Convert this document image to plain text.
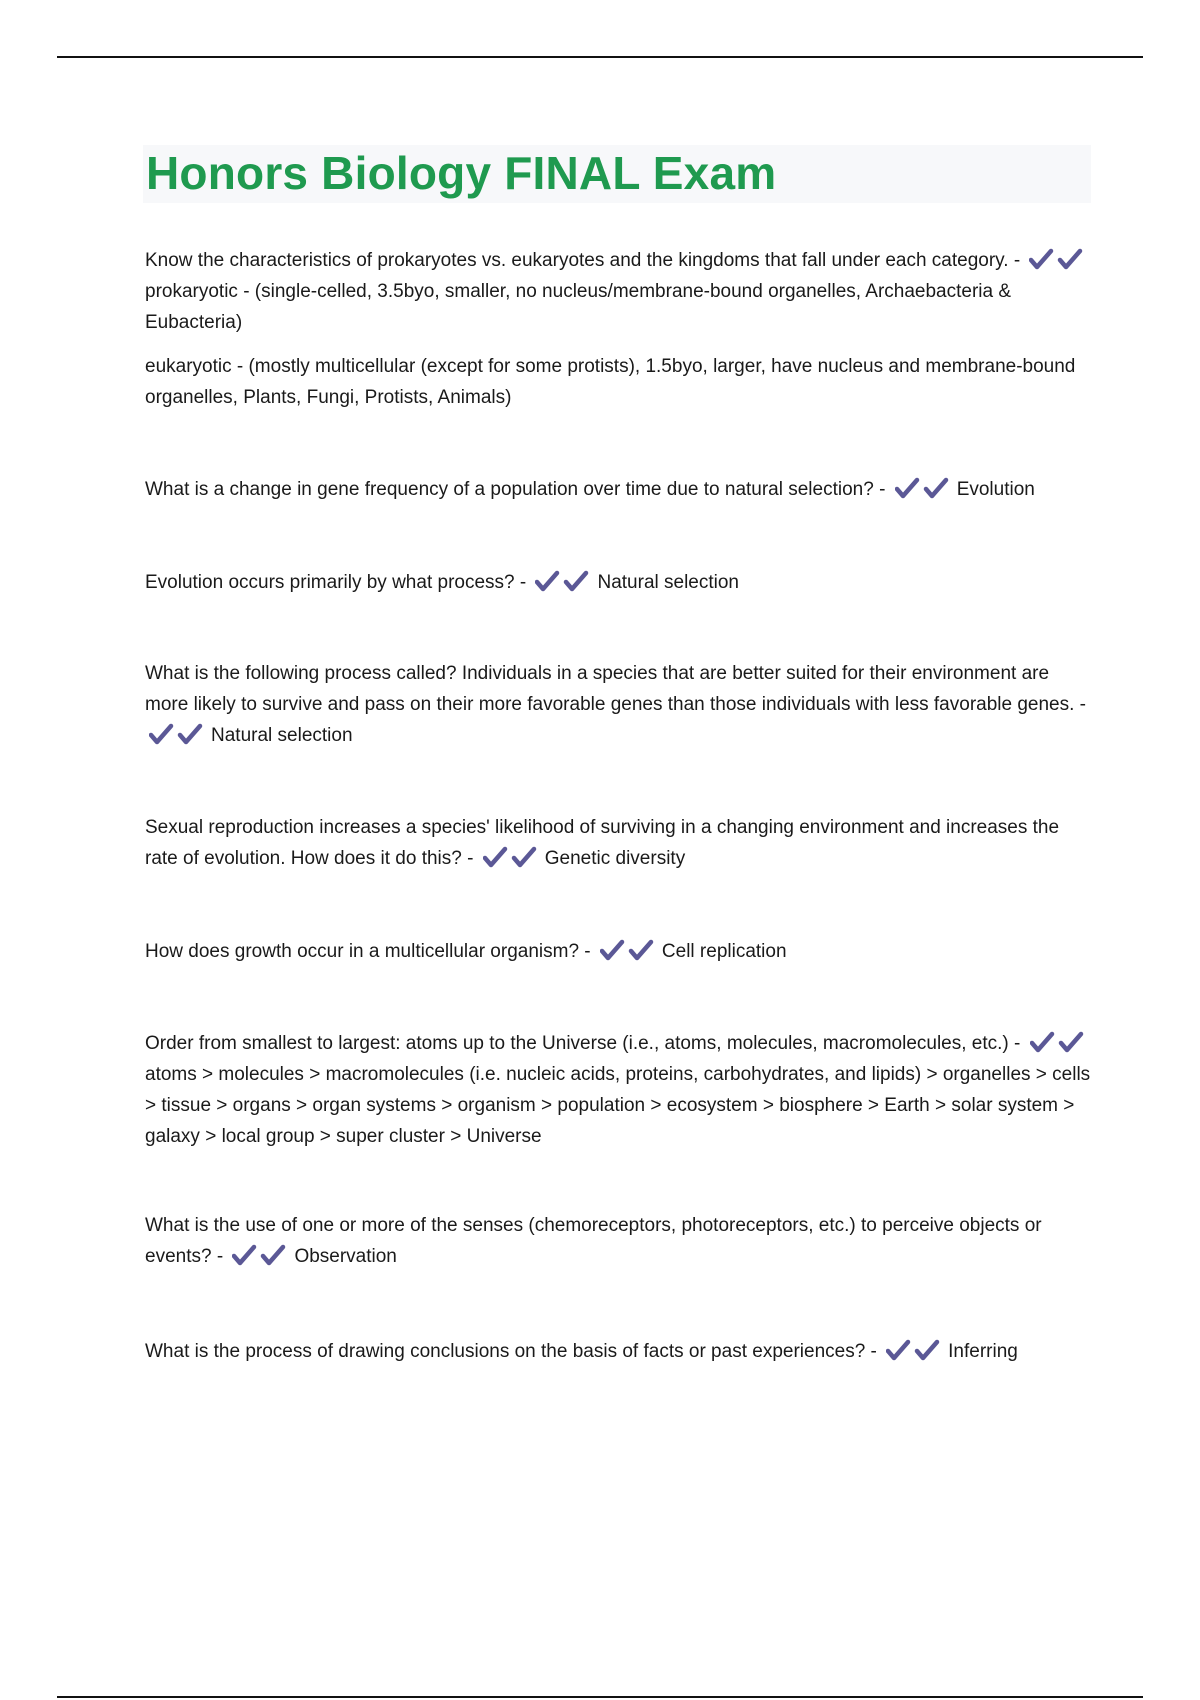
Honors Biology FINAL Exam

Know the characteristics of prokaryotes vs. eukaryotes and the kingdoms that fall under each category. -
prokaryotic - (single-celled, 3.5byo, smaller, no nucleus/membrane-bound organelles, Archaebacteria & Eubacteria)

eukaryotic - (mostly multicellular (except for some protists), 1.5byo, larger, have nucleus and membrane-bound organelles, Plants, Fungi, Protists, Animals)

What is a change in gene frequency of a population over time due to natural selection? -	Evolution

Evolution occurs primarily by what process? -	Natural selection

What is the following process called? Individuals in a species that are better suited for their environment are more likely to survive and pass on their more favorable genes than those individuals with less favorable genes. -
Natural selection

Sexual reproduction increases a species' likelihood of surviving in a changing environment and increases the rate of evolution. How does it do this? -	Genetic diversity

How does growth occur in a multicellular organism? -	Cell replication

Order from smallest to largest: atoms up to the Universe (i.e., atoms, molecules, macromolecules, etc.) -
atoms > molecules > macromolecules (i.e. nucleic acids, proteins, carbohydrates, and lipids) > organelles > cells > tissue > organs > organ systems > organism > population > ecosystem > biosphere > Earth > solar system > galaxy > local group > super cluster > Universe

What is the use of one or more of the senses (chemoreceptors, photoreceptors, etc.) to perceive objects or events? -	Observation

What is the process of drawing conclusions on the basis of facts or past experiences? -	Inferring
